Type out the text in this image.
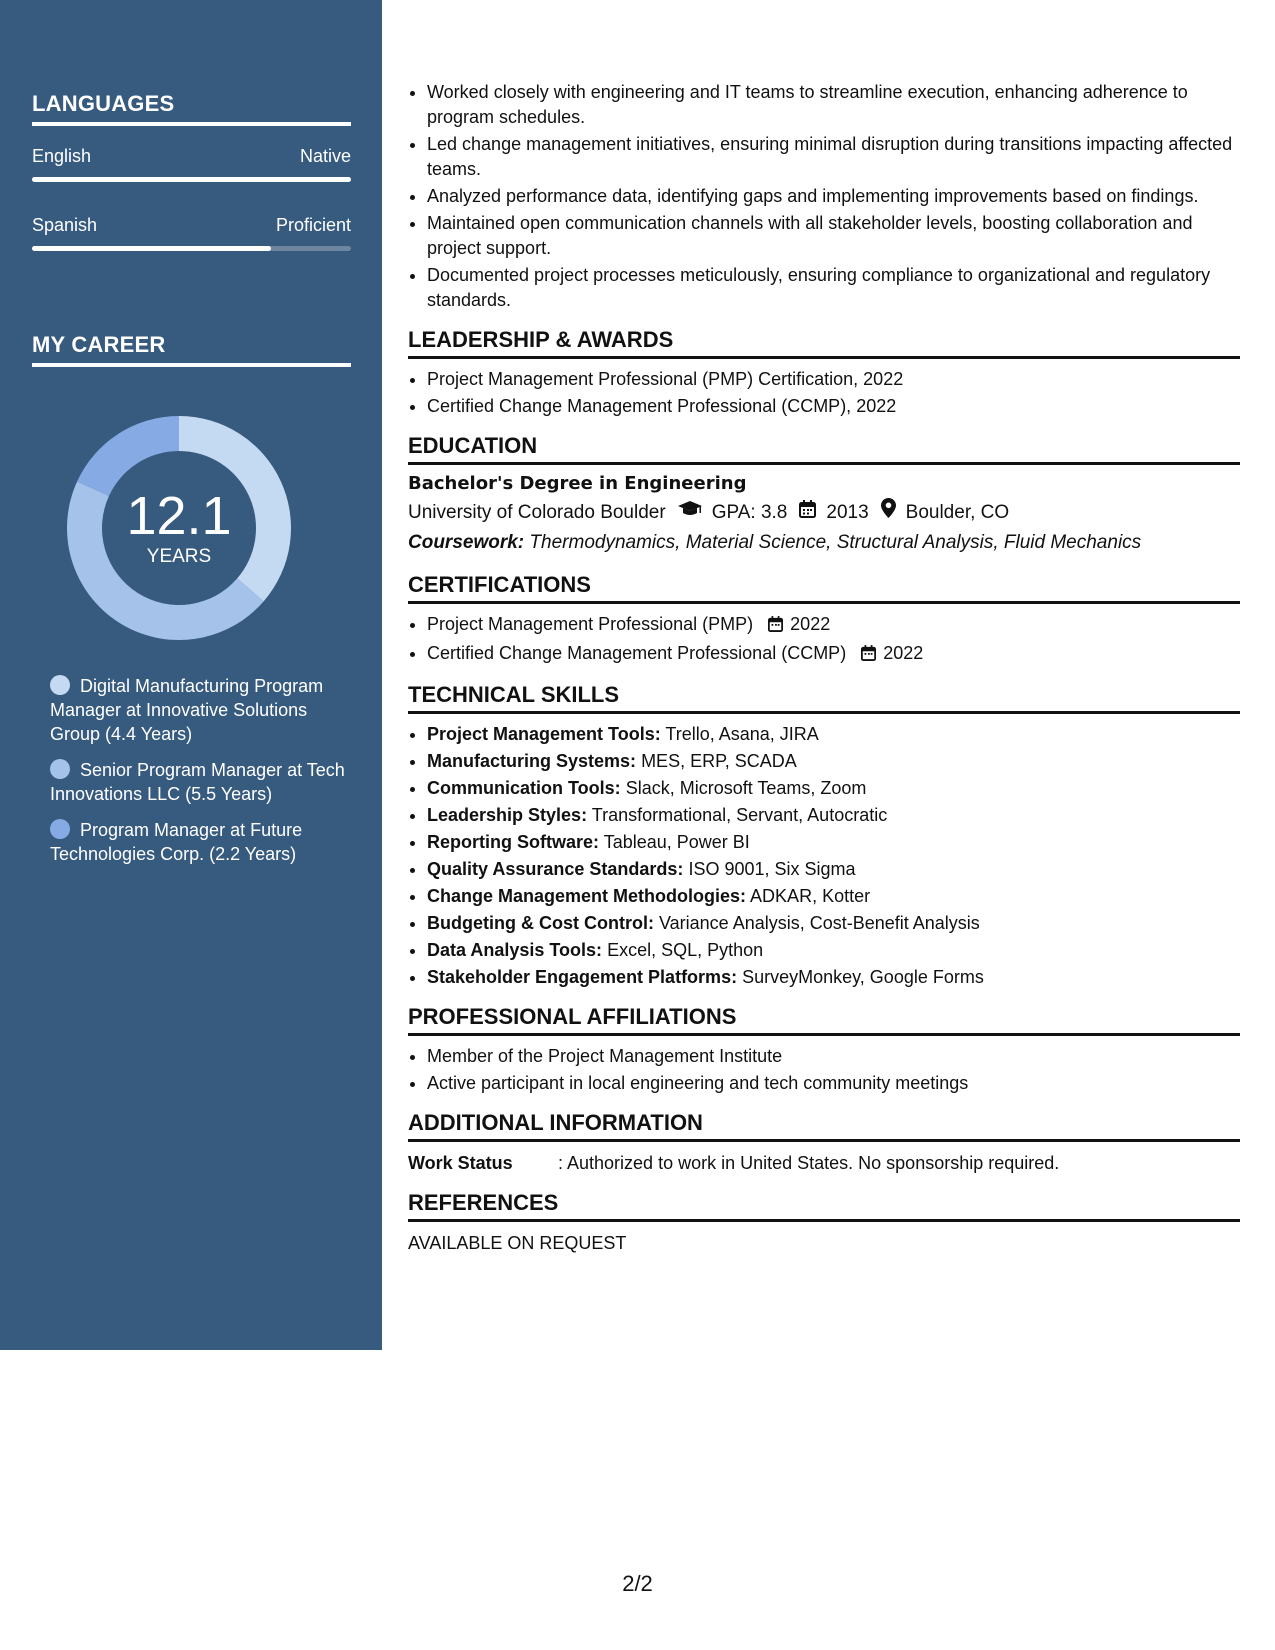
LANGUAGES
English	Native
Spanish	Proficient
MY CAREER
12.1
YEARS
Digital Manufacturing Program Manager at Innovative Solutions Group (4.4 Years)
Senior Program Manager at Tech Innovations LLC (5.5 Years)
Program Manager at Future Technologies Corp. (2.2 Years)
• Worked closely with engineering and IT teams to streamline execution, enhancing adherence to program schedules.
• Led change management initiatives, ensuring minimal disruption during transitions impacting affected teams.
• Analyzed performance data, identifying gaps and implementing improvements based on findings.
• Maintained open communication channels with all stakeholder levels, boosting collaboration and project support.
• Documented project processes meticulously, ensuring compliance to organizational and regulatory standards.
LEADERSHIP & AWARDS
• Project Management Professional (PMP) Certification, 2022
• Certified Change Management Professional (CCMP), 2022
EDUCATION
Bachelor's Degree in Engineering
University of Colorado Boulder GPA: 3.8 2013 Boulder, CO
Coursework: Thermodynamics, Material Science, Structural Analysis, Fluid Mechanics
CERTIFICATIONS
• Project Management Professional (PMP) 2022
• Certified Change Management Professional (CCMP) 2022
TECHNICAL SKILLS
• Project Management Tools: Trello, Asana, JIRA
• Manufacturing Systems: MES, ERP, SCADA
• Communication Tools: Slack, Microsoft Teams, Zoom
• Leadership Styles: Transformational, Servant, Autocratic
• Reporting Software: Tableau, Power BI
• Quality Assurance Standards: ISO 9001, Six Sigma
• Change Management Methodologies: ADKAR, Kotter
• Budgeting & Cost Control: Variance Analysis, Cost-Benefit Analysis
• Data Analysis Tools: Excel, SQL, Python
• Stakeholder Engagement Platforms: SurveyMonkey, Google Forms
PROFESSIONAL AFFILIATIONS
• Member of the Project Management Institute
• Active participant in local engineering and tech community meetings
ADDITIONAL INFORMATION
Work Status	: Authorized to work in United States. No sponsorship required.
REFERENCES
AVAILABLE ON REQUEST
2/2
